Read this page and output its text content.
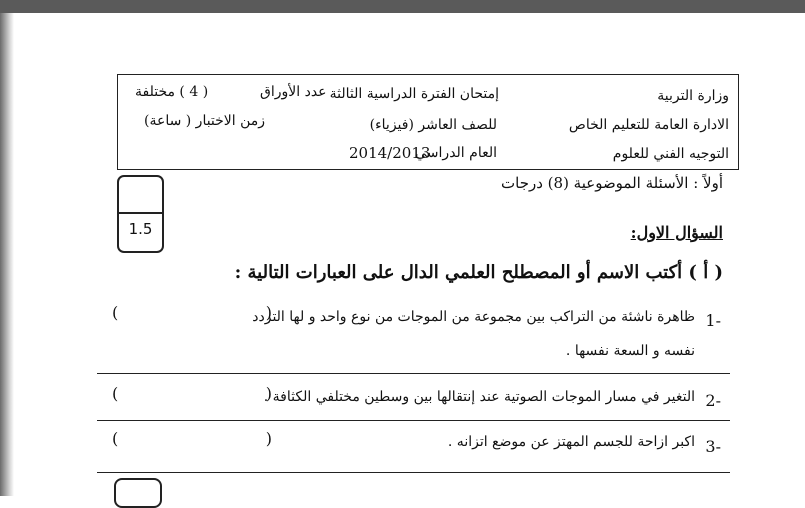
وزارة التربية
الادارة العامة للتعليم الخاص
التوجيه الفني للعلوم
إمتحان الفترة الدراسية الثالثة
للصف العاشر (فيزياء)
العام الدراسي
2014/2013
عدد الأوراق
( 4 ) مختلفة
زمن الاختبار ( ساعة)
أولاً : الأسئلة الموضوعية (8) درجات
1.5	السؤال الاول:
( أ ) أكتب الاسم أو المصطلح العلمي الدال على العبارات التالية :
-1
ظاهرة ناشئة من التراكب بين مجموعة من الموجات من نوع واحد و لها التردد
نفسه و السعة نفسها .
(                             )
-2
التغير في مسار الموجات الصوتية عند إنتقالها بين وسطين مختلفي الكثافة .
(                             )
-3
اكبر ازاحة للجسم المهتز عن موضع اتزانه .
(                             )
